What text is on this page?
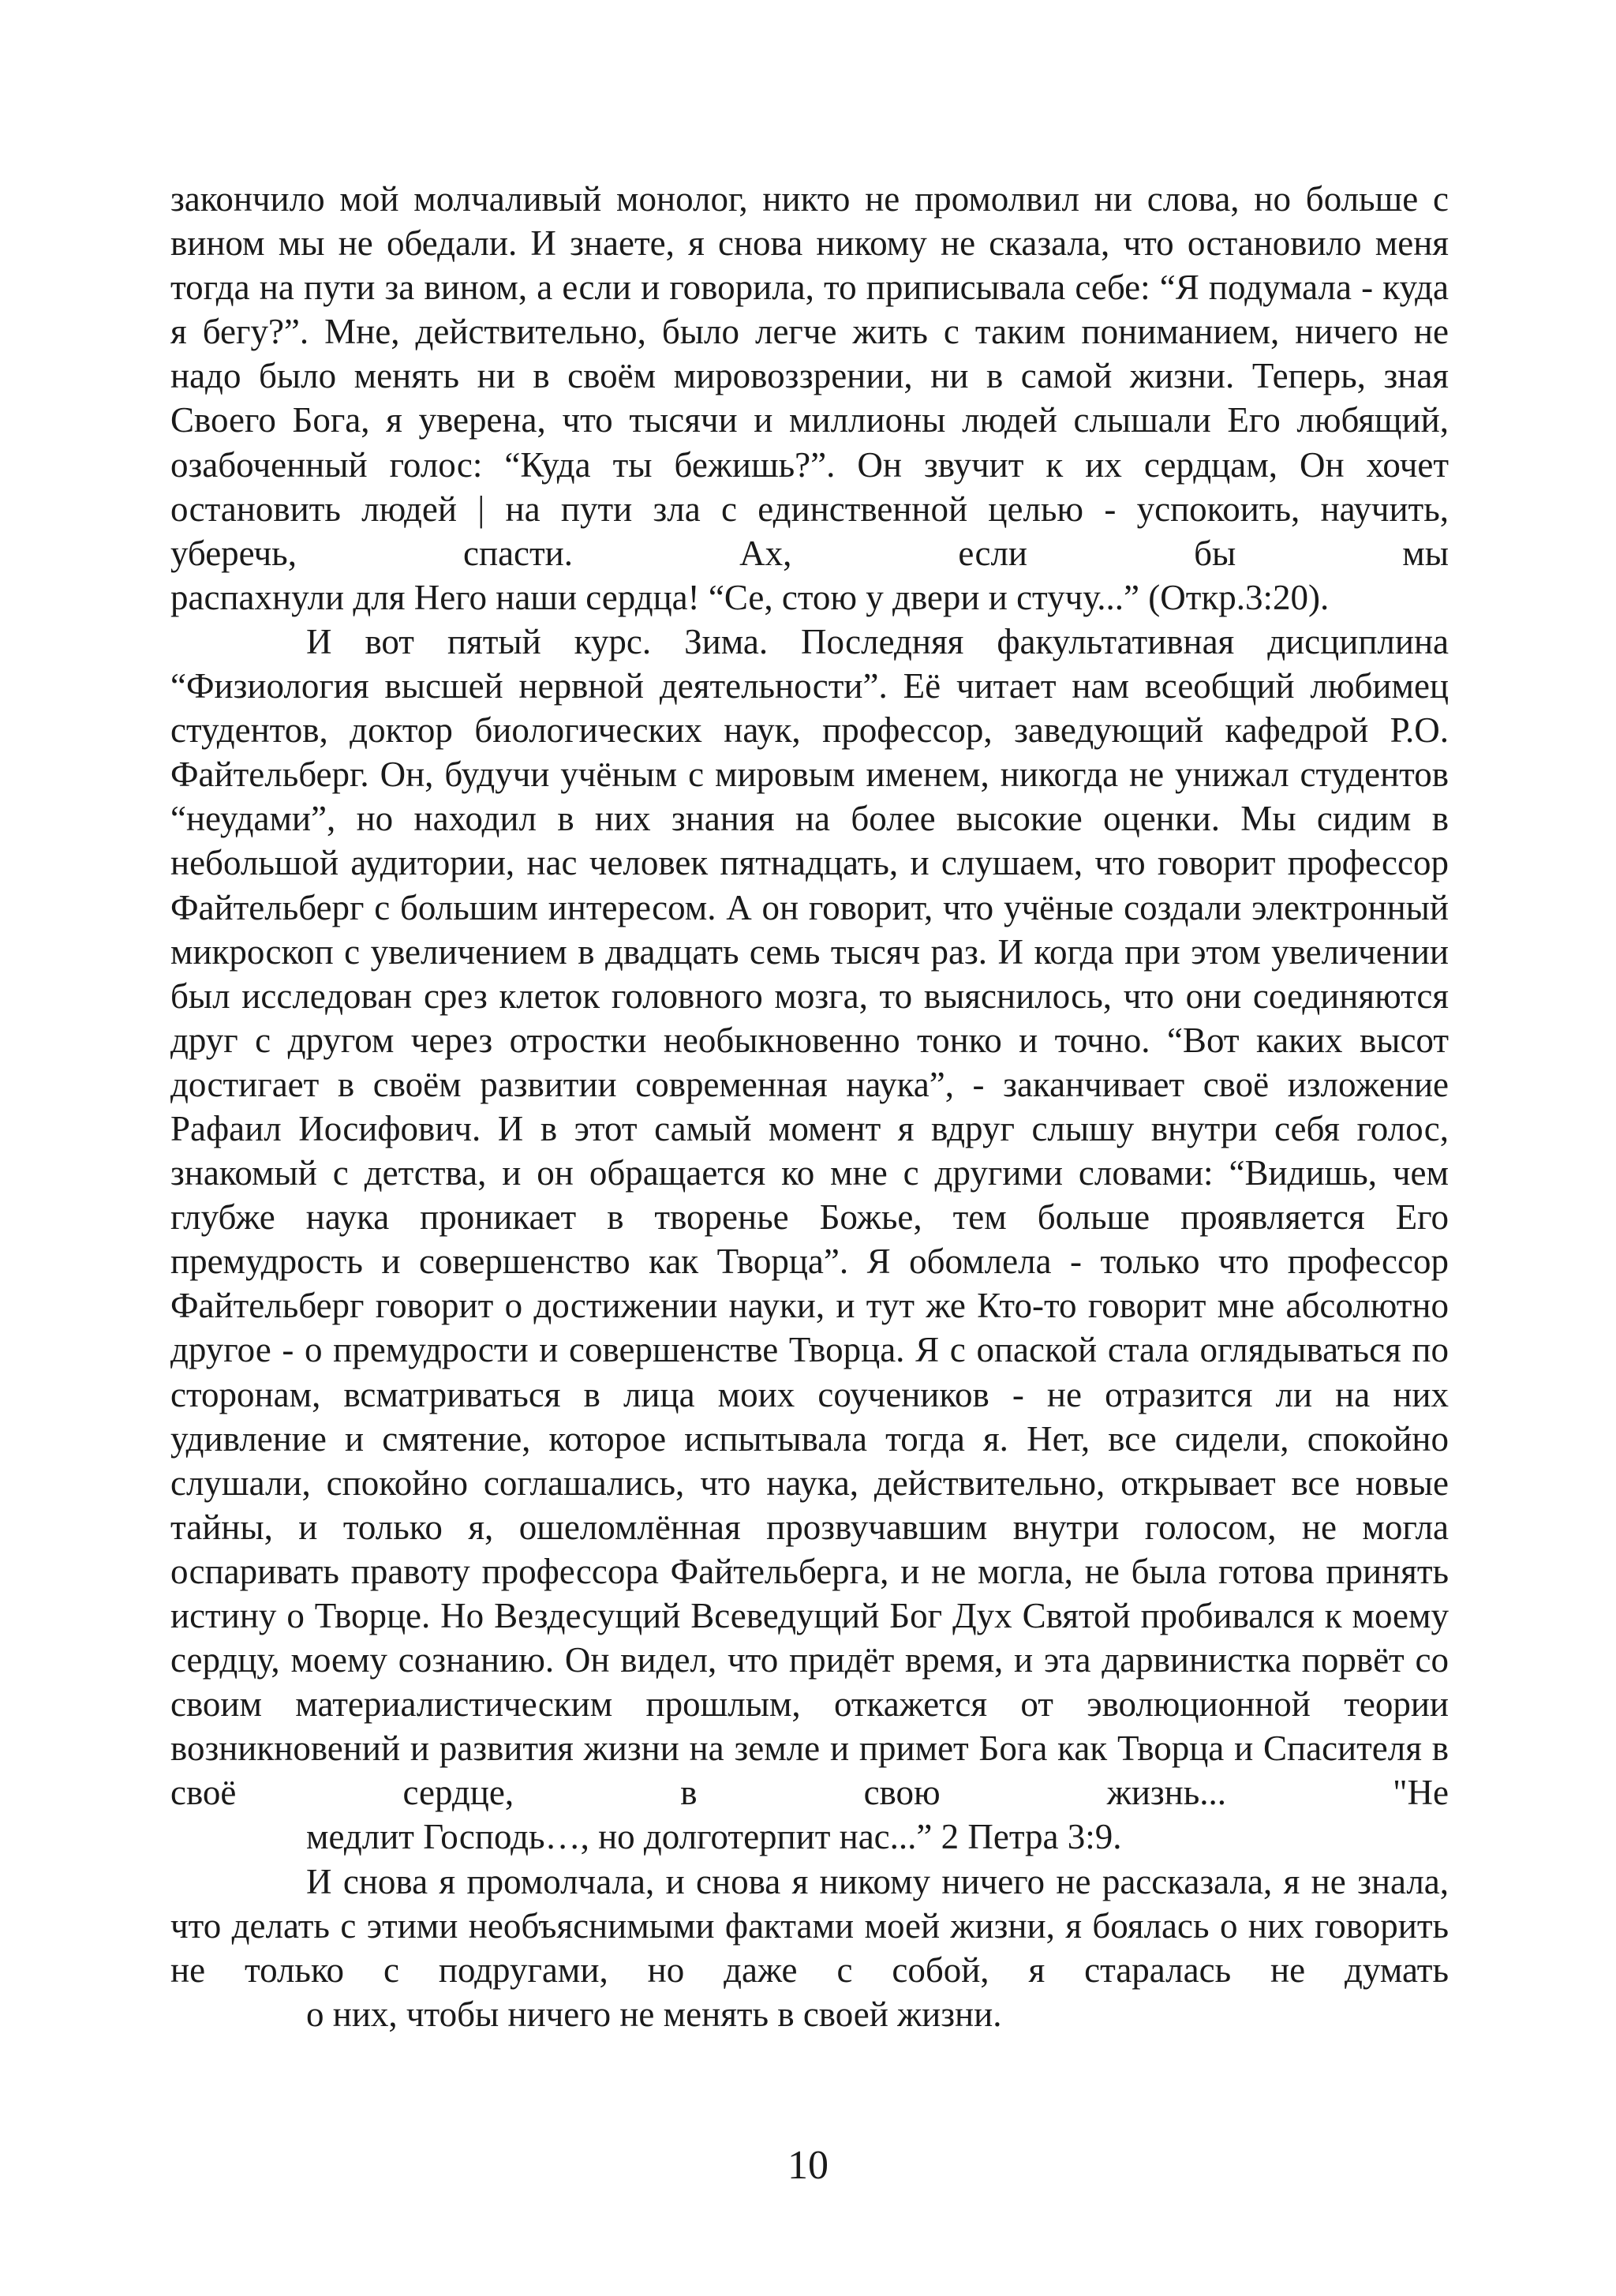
закончило мой молчаливый монолог, никто не промолвил ни слова, но больше с вином мы не обедали. И знаете, я снова никому не сказала, что остановило меня тогда на пути за вином, а если и говорила, то приписывала себе: “Я подумала - куда я бегу?”. Мне, действительно, было легче жить с таким пониманием, ничего не надо было менять ни в своём мировоззрении, ни в самой жизни. Теперь, зная Своего Бога, я уверена, что тысячи и миллионы людей слышали Его любящий, озабоченный голос: “Куда ты бежишь?”. Он звучит к их сердцам, Он хочет остановить людей | на пути зла с единственной целью - успокоить, научить, уберечь, спасти. Ах, если бы мы
распахнули для Него наши сердца! “Се, стою у двери и стучу...” (Откр.3:20).
И вот пятый курс. Зима. Последняя факультативная дисциплина “Физиология высшей нервной деятельности”. Её читает нам всеобщий любимец студентов, доктор биологических наук, профессор, заведующий кафедрой Р.О. Файтельберг. Он, будучи учёным с мировым именем, никогда не унижал студентов “неудами”, но находил в них знания на более высокие оценки. Мы сидим в небольшой аудитории, нас человек пятнадцать, и слушаем, что говорит профессор Файтельберг с большим интересом. А он говорит, что учёные создали электронный микроскоп с увеличением в двадцать семь тысяч раз. И когда при этом увеличении был исследован срез клеток головного мозга, то выяснилось, что они соединяются друг с другом через отростки необыкновенно тонко и точно. “Вот каких высот достигает в своём развитии современная наука”, - заканчивает своё изложение Рафаил Иосифович. И в этот самый момент я вдруг слышу внутри себя голос, знакомый с детства, и он обращается ко мне с другими словами: “Видишь, чем глубже наука проникает в творенье Божье, тем больше проявляется Его премудрость и совершенство как Творца”. Я обомлела - только что профессор Файтельберг говорит о достижении науки, и тут же Кто-то говорит мне абсолютно другое - о премудрости и совершенстве Творца. Я с опаской стала оглядываться по сторонам, всматриваться в лица моих соучеников - не отразится ли на них удивление и смятение, которое испытывала тогда я. Нет, все сидели, спокойно слушали, спокойно соглашались, что наука, действительно, открывает все новые тайны, и только я, ошеломлённая прозвучавшим внутри голосом, не могла оспаривать правоту профессора Файтельберга, и не могла, не была готова принять истину о Творце. Но Вездесущий Всеведущий Бог Дух Святой пробивался к моему сердцу, моему сознанию. Он видел, что придёт время, и эта дарвинистка порвёт со своим материалистическим прошлым, откажется от эволюционной теории возникновений и развития жизни на земле и примет Бога как Творца и Спасителя в своё сердце, в свою жизнь... "Не
медлит Господь…, но долготерпит нас...” 2 Петра 3:9.
И снова я промолчала, и снова я никому ничего не рассказала, я не знала, что делать с этими необъяснимыми фактами моей жизни, я боялась о них говорить не только с подругами, но даже с собой, я старалась не думать
о них, чтобы ничего не менять в своей жизни.
10
